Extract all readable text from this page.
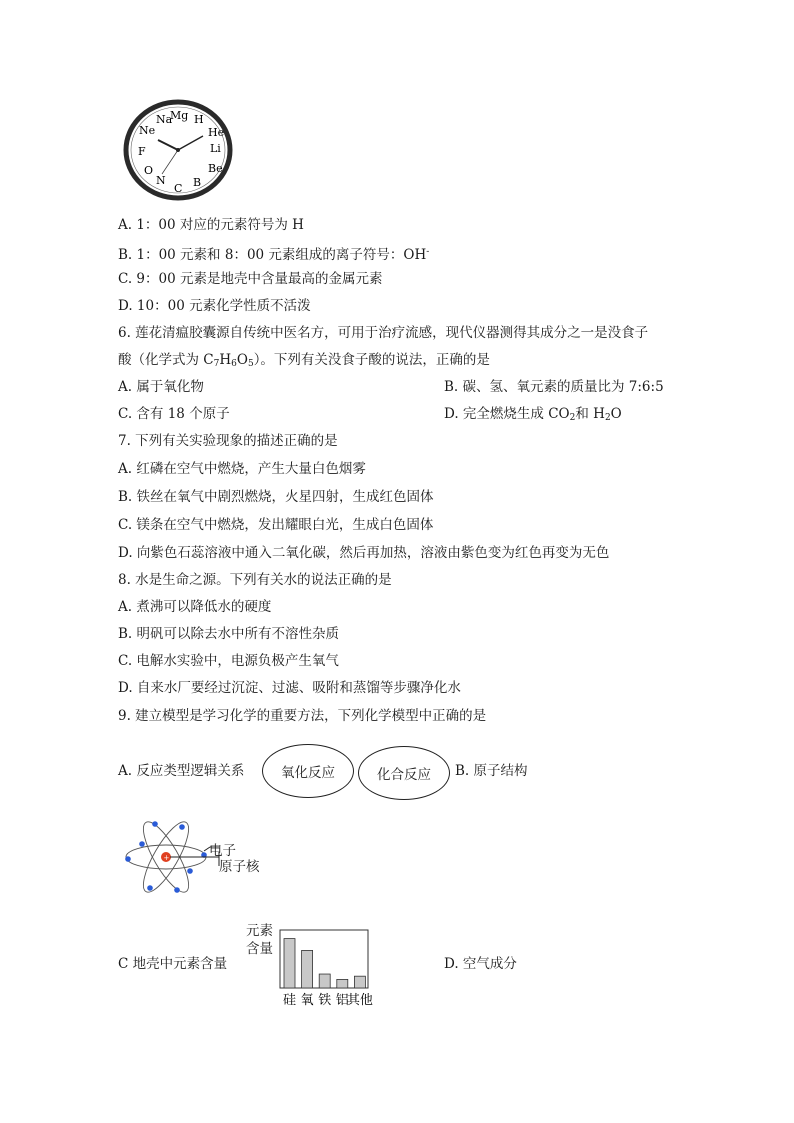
Na
Mg H
He
Li
Be
B
C
N
O
F
Ne
A. 1：00 对应的元素符号为 H
B. 1：00 元素和 8：00 元素组成的离子符号：OH-
C. 9：00 元素是地壳中含量最高的金属元素
D. 10：00 元素化学性质不活泼
6. 莲花清瘟胶囊源自传统中医名方，可用于治疗流感，现代仪器测得其成分之一是没食子
酸（化学式为 $C_7H_6O_5$）。下列有关没食子酸的说法，正确的是
A. 属于氧化物	B. 碳、氢、氧元素的质量比为 7:6:5
C. 含有 18 个原子	D. 完全燃烧生成 $CO_2$和 $H_2O$
7. 下列有关实验现象的描述正确的是
A. 红磷在空气中燃烧，产生大量白色烟雾
B. 铁丝在氧气中剧烈燃烧，火星四射，生成红色固体
C. 镁条在空气中燃烧，发出耀眼白光，生成白色固体
D. 向紫色石蕊溶液中通入二氧化碳，然后再加热，溶液由紫色变为红色再变为无色
8. 水是生命之源。下列有关水的说法正确的是
A. 煮沸可以降低水的硬度
B. 明矾可以除去水中所有不溶性杂质
C. 电解水实验中，电源负极产生氧气
D. 自来水厂要经过沉淀、过滤、吸附和蒸馏等步骤净化水
9. 建立模型是学习化学的重要方法，下列化学模型中正确的是
A. 反应类型逻辑关系	氧化反应	化合反应 B. 原子结构
+	电子
原子核
C 地壳中元素含量
元素
含量
硅 氧 铁 铝
其他
D. 空气成分
